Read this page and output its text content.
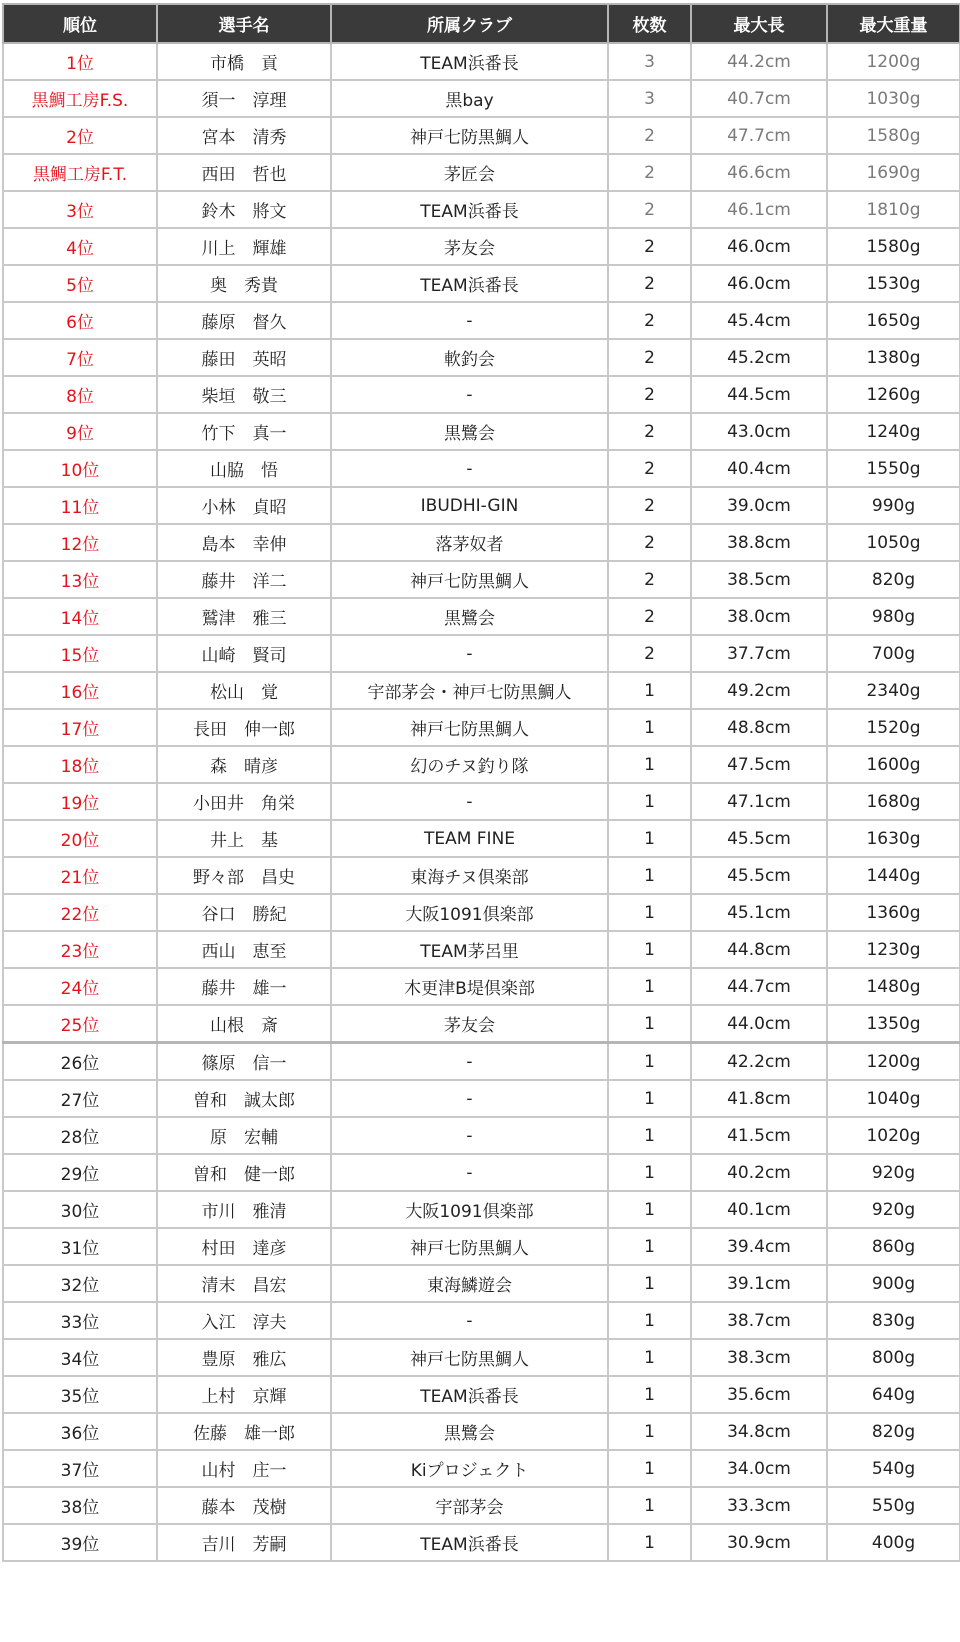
順位	選手名	所属クラブ	枚数	最大長	最大重量
1位	市橋　貢	TEAM浜番長	3	44.2cm	1200g
黒鯛工房F.S.	須一　淳理	黒bay	3	40.7cm	1030g
2位	宮本　清秀	神戸七防黒鯛人	2	47.7cm	1580g
黒鯛工房F.T.	西田　哲也	茅匠会	2	46.6cm	1690g
3位	鈴木　將文	TEAM浜番長	2	46.1cm	1810g
4位	川上　輝雄	茅友会	2	46.0cm	1580g
5位	奥　秀貴	TEAM浜番長	2	46.0cm	1530g
6位	藤原　督久	-	2	45.4cm	1650g
7位	藤田　英昭	軟釣会	2	45.2cm	1380g
8位	柴垣　敬三	-	2	44.5cm	1260g
9位	竹下　真一	黒鷺会	2	43.0cm	1240g
10位	山脇　悟	-	2	40.4cm	1550g
11位	小林　貞昭	IBUDHI-GIN	2	39.0cm	990g
12位	島本　幸伸	落茅奴者	2	38.8cm	1050g
13位	藤井　洋二	神戸七防黒鯛人	2	38.5cm	820g
14位	鷲津　雅三	黒鷺会	2	38.0cm	980g
15位	山崎　賢司	-	2	37.7cm	700g
16位	松山　覚	宇部茅会・神戸七防黒鯛人	1	49.2cm	2340g
17位	長田　伸一郎	神戸七防黒鯛人	1	48.8cm	1520g
18位	森　晴彦	幻のチヌ釣り隊	1	47.5cm	1600g
19位	小田井　角栄	-	1	47.1cm	1680g
20位	井上　基	TEAM FINE	1	45.5cm	1630g
21位	野々部　昌史	東海チヌ倶楽部	1	45.5cm	1440g
22位	谷口　勝紀	大阪1091倶楽部	1	45.1cm	1360g
23位	西山　恵至	TEAM茅呂里	1	44.8cm	1230g
24位	藤井　雄一	木更津B堤倶楽部	1	44.7cm	1480g
25位	山根　斎	茅友会	1	44.0cm	1350g
26位	篠原　信一	-	1	42.2cm	1200g
27位	曽和　誠太郎	-	1	41.8cm	1040g
28位	原　宏輔	-	1	41.5cm	1020g
29位	曽和　健一郎	-	1	40.2cm	920g
30位	市川　雅清	大阪1091倶楽部	1	40.1cm	920g
31位	村田　達彦	神戸七防黒鯛人	1	39.4cm	860g
32位	清末　昌宏	東海鱗遊会	1	39.1cm	900g
33位	入江　淳夫	-	1	38.7cm	830g
34位	豊原　雅広	神戸七防黒鯛人	1	38.3cm	800g
35位	上村　京輝	TEAM浜番長	1	35.6cm	640g
36位	佐藤　雄一郎	黒鷺会	1	34.8cm	820g
37位	山村　庄一	Kiプロジェクト	1	34.0cm	540g
38位	藤本　茂樹	宇部茅会	1	33.3cm	550g
39位	吉川　芳嗣	TEAM浜番長	1	30.9cm	400g
